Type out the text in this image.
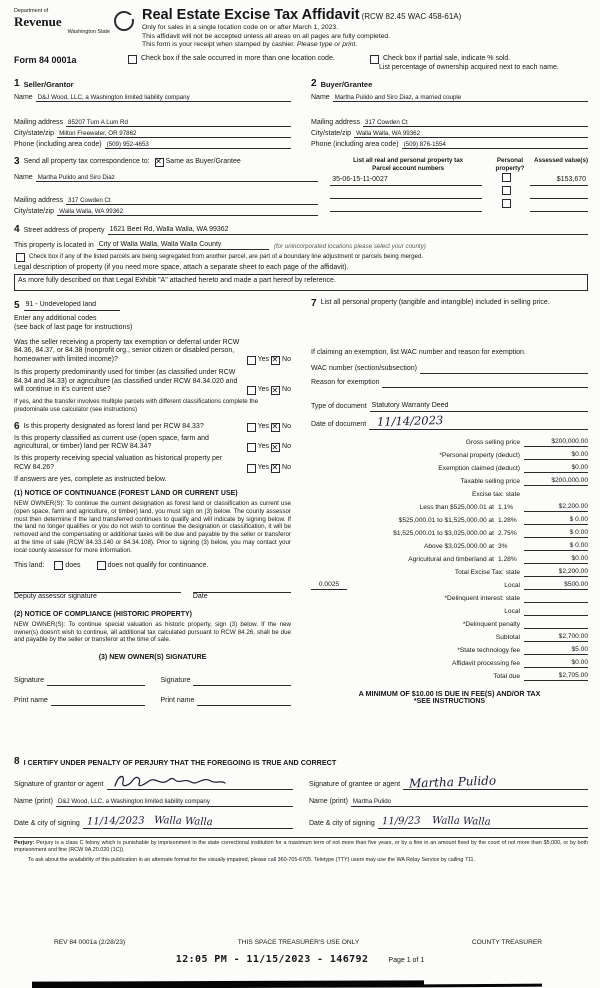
Department of
Revenue
Washington State
Real Estate Excise Tax Affidavit (RCW 82.45 WAC 458-61A)
Only for sales in a single location code on or after March 1, 2023.
This affidavit will not be accepted unless all areas on all pages are fully completed.
This form is your receipt when stamped by cashier. Please type or print.
Form 84 0001a	Check box if the sale occurred in more than one location code.	Check box if partial sale, indicate % sold.
List percentage of ownership acquired next to each name.
1 Seller/Grantor
Name D&J Wood, LLC, a Washington limited liability company
Mailing address 85207 Turn A Lum Rd
City/state/zip Milton Freewater, OR 97862
Phone (including area code) (509) 952-4653
2 Buyer/Grantee
Name Martha Pulido and Siro Diaz, a married couple
Mailing address 317 Cowden Ct
City/state/zip Walla Walla, WA 99362
Phone (including area code) (509) 876-1554
3 Send all property tax correspondence to: ✕ Same as Buyer/Grantee
Name Martha Pulido and Siro Diaz
Mailing address 317 Cowden Ct
City/state/zip Walla Walla, WA 99362
List all real and personal property tax
Parcel account numbers
Personal property?
Assessed value(s)
35-06-15-11-0027	$153,670
4 Street address of property 1621 Beet Rd, Walla Walla, WA 99362
This property is located in City of Walla Walla, Walla Walla County	(for unincorporated locations please select your county)
Check box if any of the listed parcels are being segregated from another parcel, are part of a boundary line adjustment or parcels being merged.
Legal description of property (if you need more space, attach a separate sheet to each page of the affidavit).
As more fully described on that Legal Exhibit "A" attached hereto and made a part hereof by reference.
5 91 - Undeveloped land
Enter any additional codes
(see back of last page for instructions)
Was the seller receiving a property tax exemption or deferral under RCW 84.36, 84.37, or 84.38 (nonprofit org., senior citizen or disabled person, homeowner with limited income)?	Yes ✕ No
Is this property predominantly used for timber (as classified under RCW 84.34 and 84.33) or agriculture (as classified under RCW 84.34.020 and will continue in it's current use?	Yes ✕ No
If yes, and the transfer involves multiple parcels with different classifications complete the predominate use calculator (see instructions)
6 Is this property designated as forest land per RCW 84.33?	Yes ✕ No
Is this property classified as current use (open space, farm and agricultural, or timber) land per RCW 84.34?	Yes ✕ No
Is this property receiving special valuation as historical property per RCW 84.26?	Yes ✕ No
If answers are yes, complete as instructed below.
(1) NOTICE OF CONTINUANCE (FOREST LAND OR CURRENT USE)
NEW OWNER(S): To continue the current designation as forest land or classification as current use (open space, farm and agriculture, or timber) land, you must sign on (3) below. The county assessor must then determine if the land transferred continues to qualify and will indicate by signing below. If the land no longer qualifies or you do not wish to continue the designation or classification, it will be removed and the compensating or additional taxes will be due and payable by the seller or transferor at the time of sale (RCW 84.33.140 or 84.34.108). Prior to signing (3) below, you may contact your local county assessor for more information.
This land:	does	does not qualify for continuance.
Deputy assessor signature	Date
(2) NOTICE OF COMPLIANCE (HISTORIC PROPERTY)
NEW OWNER(S): To continue special valuation as historic property, sign (3) below. If the new owner(s) doesn't wish to continue, all additional tax calculated pursuant to RCW 84.26, shall be due and payable by the seller or transferor at the time of sale.
(3) NEW OWNER(S) SIGNATURE
Signature	Signature
Print name	Print name
7 List all personal property (tangible and intangible) included in selling price.
If claiming an exemption, list WAC number and reason for exemption.
WAC number (section/subsection)
Reason for exemption
Type of document Statutory Warranty Deed
Date of document 11/14/2023
Gross selling price	$200,000.00
*Personal property (deduct)	$0.00
Exemption claimed (deduct)	$0.00
Taxable selling price	$200,000.00
Excise tax: state
Less than $525,000.01 at 1.1%	$2,200.00
$525,000.01 to $1,525,000.00 at 1.28%	$ 0.00
$1,525,000.01 to $3,025,000.00 at 2.75%	$ 0.00
Above $3,025,000.00 at 3%	$ 0.00
Agricultural and timberland at 1.28%	$0.00
Total Excise Tax: state	$2,200.00
0.0025	Local	$500.00
*Delinquent interest: state
Local
*Delinquent penalty
Subtotal	$2,700.00
*State technology fee	$5.00
Affidavit processing fee	$0.00
Total due	$2,705.00
A MINIMUM OF $10.00 IS DUE IN FEE(S) AND/OR TAX
*SEE INSTRUCTIONS
8 I CERTIFY UNDER PENALTY OF PERJURY THAT THE FOREGOING IS TRUE AND CORRECT
Signature of grantor or agent
Name (print) D&J Wood, LLC, a Washington limited liability company
Date & city of signing 11/14/2023 Walla Walla
Signature of grantee or agent Martha Pulido
Name (print) Martha Pulido
Date & city of signing 11/9/23 Walla Walla
Perjury: Perjury is a class C felony which is punishable by imprisonment in the state correctional institution for a maximum term of not more than five years, or by a fine in an amount fixed by the court of not more than $5,000, or by both imprisonment and fine (RCW 9A.20.020 (1C)).
To ask about the availability of this publication in an alternate format for the visually impaired, please call 360-705-6705. Teletype (TTY) users may use the WA Relay Service by calling 711.
REV 84 0001a (2/28/23)	THIS SPACE TREASURER'S USE ONLY	COUNTY TREASURER
12:05 PM - 11/15/2023 - 146792	Page 1 of 1
